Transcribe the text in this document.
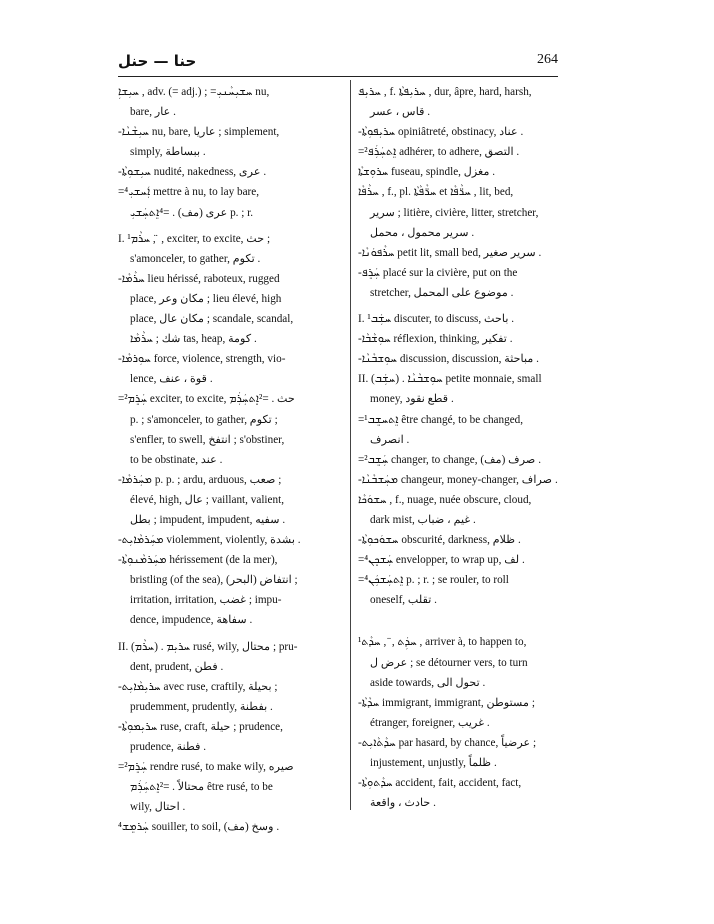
حنا — حنل	264

ܚܝܼܫܐܼ , adv. (= adj.) ; =ܚܫܝܼܚܵܢܝܼ nu,

bare, عار .

-ܚܝܼܫܵܢܵܐ nu, bare, عاريا ; simplement,

simply, ببساطة .

-ܚܝܼܫܘܼܬܵܐ nudité, nakedness, عرى .

=⁴ܐܲܚܫܝܼ mettre à nu, to lay bare,

عرى (مف) . =⁴ܐܸܬܚܲܫܝܼ p. ; r.

I. ¹ܚܪܵܡ , ̈ , exciter, to excite, حث ;

s'amonceler, to gather, تكوم .

-ܚܪܵܡܵܐ lieu hérissé, raboteux, rugged

place, مكان وعر ; lieu élevé, high

place, مكان عال ; scandale, scandal,

شك ; ܚܪܵܡܵܐ tas, heap, كومة .

-ܚܘܼܪܡܵܐ force, violence, strength, vio-

lence, قوة ، عنف .

=²ܚܲܪܸܡ exciter, to excite, حث . =²ܐܸܬܚܲܪܲܡ

p. ; s'amonceler, to gather, تكوم ;

s'enfler, to swell, انتفخ ; s'obstiner,

to be obstinate, عند .

-ܡܚܲܪܡܵܐ p. p. ; ardu, arduous, صعب ;

élevé, high, عال ; vaillant, valient,

بطل ; impudent, impudent, سفيه .

-ܡܚܲܪܡܵܐܝܼܬ violemment, violently, بشدة .

-ܡܚܲܪܡܵܢܘܼܬܵܐ hérissement (de la mer),

bristling (of the sea), انتفاض (البحر) ;

irritation, irritation, غضب ; impu-

dence, impudence, سفاهة .

II. (ܚܪܵܡ) . ܚܪܝܼܡ rusé, wily, محتال ; pru-

dent, prudent, فطن .

-ܚܪܝܼܡܵܐܝܼܬ avec ruse, craftily, بحيلة ;

prudemment, prudently, بفطنة .

-ܚܪܝܼܡܘܼܬܵܐ ruse, craft, حيلة ; prudence,

prudence, فطنة .

=²ܚܲܪܸܡ rendre rusé, to make wily, صيره

محتالاً . =²ܐܸܬܚܲܪܲܡ être rusé, to be

wily, احتال .

⁴ܚܲܪܡܸܫ souiller, to soil, وسخ (مف) .

ܚܪܝܼܦ , f. ܚܪܝܼܦܬܵܐ , dur, âpre, hard, harsh,

قاس ، عسر .

-ܚܪܝܼܦܘܼܬܵܐ opiniâtreté, obstinacy, عناد .

=²ܐܸܬܚܲܪܲܦ adhérer, to adhere, التصق .

ܚܪܘܼܫܬܵܐ fuseau, spindle, مغزل .

ܚܪܵܦܵܐ , f., pl. ܚܪ̈ܵܦܵܬܵܐ et ܚܪ̈ܵܦܵܐ , lit, bed,

سرير ; litière, civière, litter, stretcher,

سرير محمول ، محمل .

-ܚܪܵܦܘܿܢܵܐ petit lit, small bed, سرير صغير .

-ܚܲܪܸܦ placé sur la civière, put on the

stretcher, موضوع على المحمل .

I. ¹ܚܫܲܒ discuter, to discuss, باحث .

-ܚܘܼܫܵܒܵܐ réflexion, thinking, تفكير .

-ܚܘܼܫܒܵܢܵܐ discussion, discussion, مباحثة .

II. (ܚܫܲܒ) . ܚܘܼܫܒܵܢܵܐ petite monnaie, small

money, قطع نقود .

=¹ܐܸܬܚܫܸܒ être changé, to be changed,

انصرف .

=²ܚܲܫܸܒ changer, to change, صرف (مف) .

-ܡܚܲܫܒܵܢܵܐ changeur, money-changer, صراف .

ܚܫܘܿܟܵܐ , f., nuage, nuée obscure, cloud,

dark mist, غيم ، ضباب .

-ܚܫܘܿܟܘܼܬܵܐ obscurité, darkness, ظلام .

=⁴ܚܲܫܟܸܢ envelopper, to wrap up, لف .

=⁴ܐܸܬܚܲܫܟܲܢ p. ; r. ; se rouler, to roll

oneself, تقلب .

¹ܚܕܲܬ , ̈ , ܚܕܵܬ , arriver à, to happen to,

عرض ل ; se détourner vers, to turn

aside towards, تحول الى .

-ܚܕܵܬܵܐ immigrant, immigrant, مستوطن ;

étranger, foreigner, غريب .

-ܚܕܵܬܵܐܝܼܬ par hasard, by chance, عرضياً ;

injustement, unjustly, ظلماً .

-ܚܕܵܬܘܼܬܵܐ accident, fait, accident, fact,

حادث ، واقعة .
